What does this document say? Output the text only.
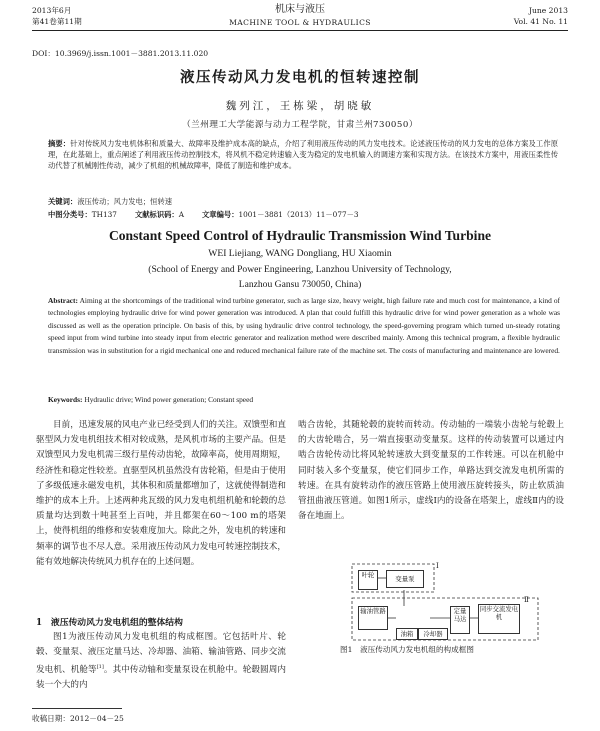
2013年6月
第41卷第11期
机床与液压
MACHINE TOOL & HYDRAULICS
June 2013
Vol. 41 No. 11
DOI：10.3969/j.issn.1001－3881.2013.11.020
液压传动风力发电机的恒转速控制
魏列江，王栋梁，胡晓敏
（兰州理工大学能源与动力工程学院，甘肃兰州730050）
摘要：针对传统风力发电机体积和质量大、故障率及维护成本高的缺点，介绍了利用液压传动的风力发电技术。论述液压传动的风力发电的总体方案及工作原理，在此基础上，重点阐述了利用液压传动控制技术，将风机不稳定转速输入变为稳定的发电机输入的调速方案和实现方法。在该技术方案中，用液压柔性传动代替了机械刚性传动，减少了机组的机械故障率，降低了制造和维护成本。
关键词：液压传动；风力发电；恒转速
中图分类号：TH137 文献标识码：A 文章编号：1001－3881（2013）11－077－3
Constant Speed Control of Hydraulic Transmission Wind Turbine
WEI Liejiang, WANG Dongliang, HU Xiaomin
(School of Energy and Power Engineering, Lanzhou University of Technology,
Lanzhou Gansu 730050, China)
Abstract: Aiming at the shortcomings of the traditional wind turbine generator, such as large size, heavy weight, high failure rate and much cost for maintenance, a kind of technologies employing hydraulic drive for wind power generation was introduced. A plan that could fulfill this hydraulic drive for wind power generation as a whole was discussed as well as the operation principle. On basis of this, by using hydraulic drive control technology, the speed-governing program which turned un-steady rotating speed input from wind turbine into steady input from electric generator and realization method were described mainly. Among this technical program, a flexible hydraulic transmission was in substitution for a rigid mechanical one and reduced mechanical failure rate of the machine set. The costs of manufacturing and maintenance are lowered.
Keywords: Hydraulic drive; Wind power generation; Constant speed
目前，迅速发展的风电产业已经受到人们的关注。双馈型和直驱型风力发电机组技术相对较成熟，是风机市场的主要产品。但是双馈型风力发电机需三级行星传动齿轮，故障率高，使用周期短，经济性和稳定性较差。直驱型风机虽然没有齿轮箱，但是由于使用了多级低速永磁发电机，其体积和质量都增加了，这就使得制造和维护的成本上升。上述两种兆瓦级的风力发电机组机舱和轮毂的总质量均达到数十吨甚至上百吨，并且都架在60～100 m的塔架上，使得机组的维修和安装难度加大。除此之外，发电机的转速和频率的调节也不尽人意。采用液压传动风力发电可转速控制技术，能有效地解决传统风力机存在的上述问题。
1　液压传动风力发电机组的整体结构
图1为液压传动风力发电机组的构成框图。它包括叶片、轮毂、变量泵、液压定量马达、冷却器、油箱、输油管路、同步交流发电机、机舱等[1]。其中传动轴和变量泵设在机舱中。轮毂圆周内装一个大的内
啮合齿轮，其随轮毂的旋转而转动。传动轴的一端装小齿轮与轮毂上的大齿轮啮合，另一端直接驱动变量泵。这样的传动装置可以通过内啮合齿轮传动比将风轮转速放大到变量泵的工作转速。可以在机舱中同时装入多个变量泵，使它们同步工作，单路达到交流发电机所需的转速。在具有旋转动作的液压管路上使用液压旋转接头，防止软质油管扭曲液压管道。如图1所示，虚线Ⅰ内的设备在塔架上，虚线Ⅱ内的设备在地面上。
叶轮	变量泵
输油管路	定量马达
同步交流发电机
油箱	冷却器
Ⅰ
Ⅱ
图1　液压传动风力发电机组的构成框图
收稿日期：2012－04－25
